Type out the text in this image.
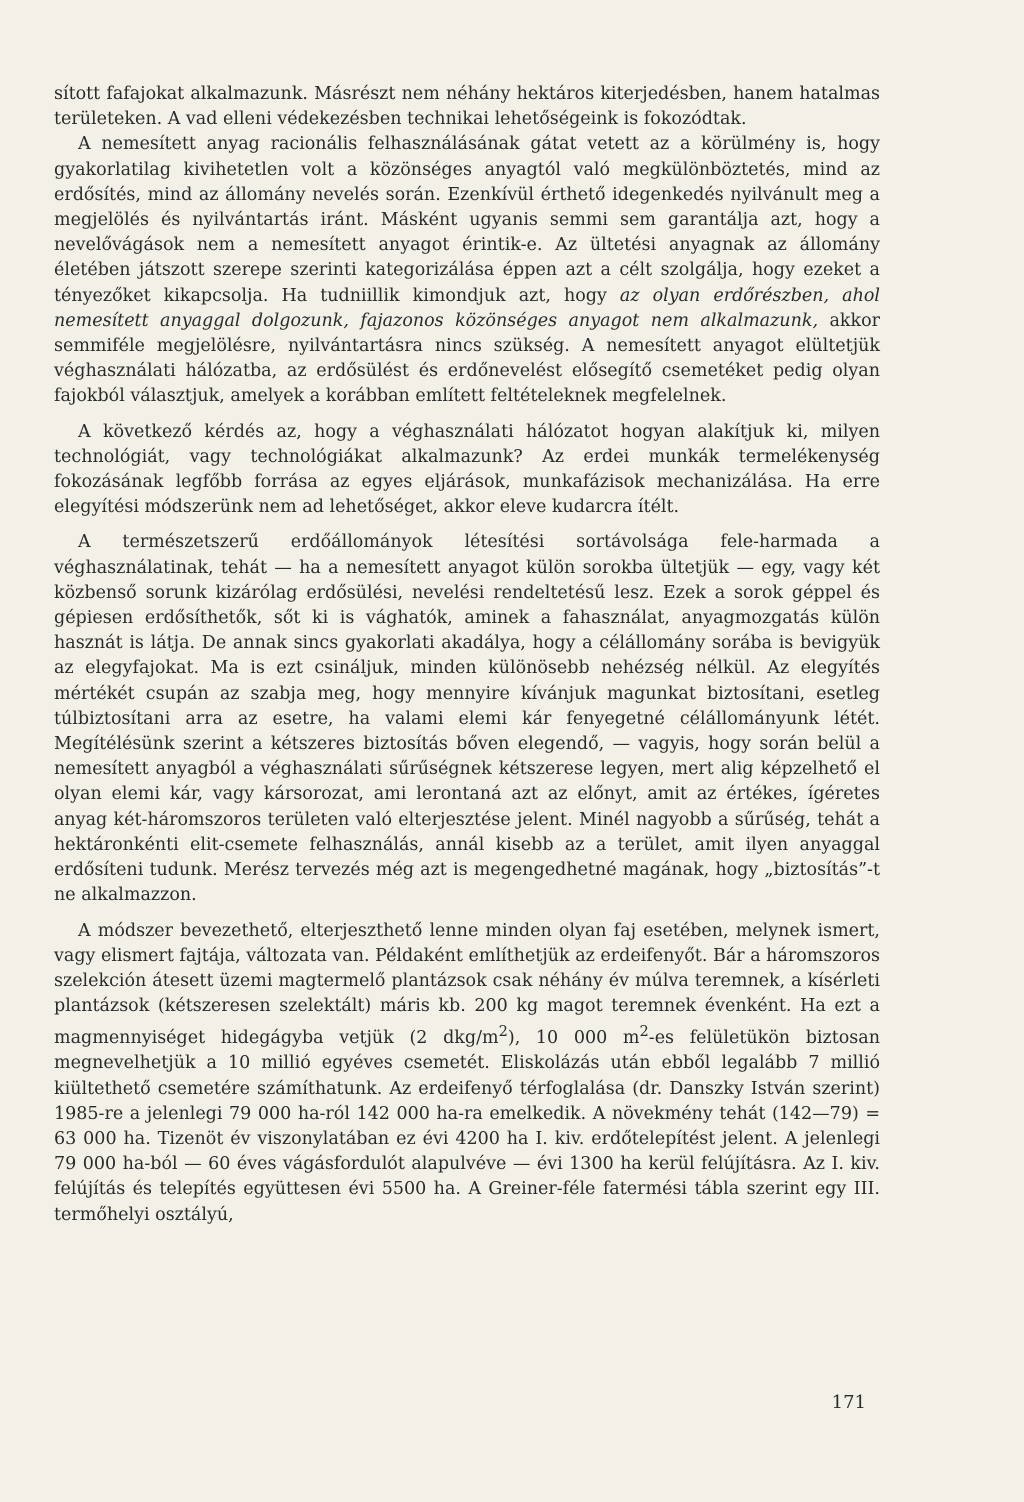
sított fafajokat alkalmazunk. Másrészt nem néhány hektáros kiterjedésben, hanem hatalmas területeken. A vad elleni védekezésben technikai lehetőségeink is fokozódtak.

A nemesített anyag racionális felhasználásának gátat vetett az a körülmény is, hogy gyakorlatilag kivihetetlen volt a közönséges anyagtól való megkülönböztetés, mind az erdősítés, mind az állomány nevelés során. Ezenkívül érthető idegenkedés nyilvánult meg a megjelölés és nyilvántartás iránt. Másként ugyanis semmi sem garantálja azt, hogy a nevelővágások nem a nemesített anyagot érintik-e. Az ültetési anyagnak az állomány életében játszott szerepe szerinti kategorizálása éppen azt a célt szolgálja, hogy ezeket a tényezőket kikapcsolja. Ha tudniillik kimondjuk azt, hogy az olyan erdőrészben, ahol nemesített anyaggal dolgozunk, fajazonos közönséges anyagot nem alkalmazunk, akkor semmiféle megjelölésre, nyilvántartásra nincs szükség. A nemesített anyagot elültetjük véghasználati hálózatba, az erdősülést és erdőnevelést elősegítő csemetéket pedig olyan fajokból választjuk, amelyek a korábban említett feltételeknek megfelelnek.

A következő kérdés az, hogy a véghasználati hálózatot hogyan alakítjuk ki, milyen technológiát, vagy technológiákat alkalmazunk? Az erdei munkák termelékenység fokozásának legfőbb forrása az egyes eljárások, munkafázisok mechanizálása. Ha erre elegyítési módszerünk nem ad lehetőséget, akkor eleve kudarcra ítélt.

A természetszerű erdőállományok létesítési sortávolsága fele-harmada a véghasználatinak, tehát — ha a nemesített anyagot külön sorokba ültetjük — egy, vagy két közbenső sorunk kizárólag erdősülési, nevelési rendeltetésű lesz. Ezek a sorok géppel és gépiesen erdősíthetők, sőt ki is vághatók, aminek a fahasználat, anyagmozgatás külön hasznát is látja. De annak sincs gyakorlati akadálya, hogy a célállomány sorába is bevigyük az elegyfajokat. Ma is ezt csináljuk, minden különösebb nehézség nélkül. Az elegyítés mértékét csupán az szabja meg, hogy mennyire kívánjuk magunkat biztosítani, esetleg túlbiztosítani arra az esetre, ha valami elemi kár fenyegetné célállományunk létét. Megítélésünk szerint a kétszeres biztosítás bőven elegendő, — vagyis, hogy során belül a nemesített anyagból a véghasználati sűrűségnek kétszerese legyen, mert alig képzelhető el olyan elemi kár, vagy kársorozat, ami lerontaná azt az előnyt, amit az értékes, ígéretes anyag két-háromszoros területen való elterjesztése jelent. Minél nagyobb a sűrűség, tehát a hektáronkénti elit-csemete felhasználás, annál kisebb az a terület, amit ilyen anyaggal erdősíteni tudunk. Merész tervezés még azt is megengedhetné magának, hogy „biztosítás”-t ne alkalmazzon.

A módszer bevezethető, elterjeszthető lenne minden olyan faj esetében, melynek ismert, vagy elismert fajtája, változata van. Példaként említhetjük az erdeifenyőt. Bár a háromszoros szelekción átesett üzemi magtermelő plantázsok csak néhány év múlva teremnek, a kísérleti plantázsok (kétszeresen szelektált) máris kb. 200 kg magot teremnek évenként. Ha ezt a magmennyiséget hidegágyba vetjük (2 dkg/$m^2$), 10 000 $m^2-es$ felületükön biztosan megnevelhetjük a 10 millió egyéves csemetét. Eliskolázás után ebből legalább 7 millió kiültethető csemetére számíthatunk. Az erdeifenyő térfoglalása (dr. Danszky István szerint) 1985-re a jelenlegi 79 000 ha-ról 142 000 ha-ra emelkedik. A növekmény tehát (142—79) = 63 000 ha. Tizenöt év viszonylatában ez évi 4200 ha I. kiv. erdőtelepítést jelent. A jelenlegi 79 000 ha-ból — 60 éves vágásfordulót alapulvéve — évi 1300 ha kerül felújításra. Az I. kiv. felújítás és telepítés együttesen évi 5500 ha. A Greiner-féle fatermési tábla szerint egy III. termőhelyi osztályú,

171
